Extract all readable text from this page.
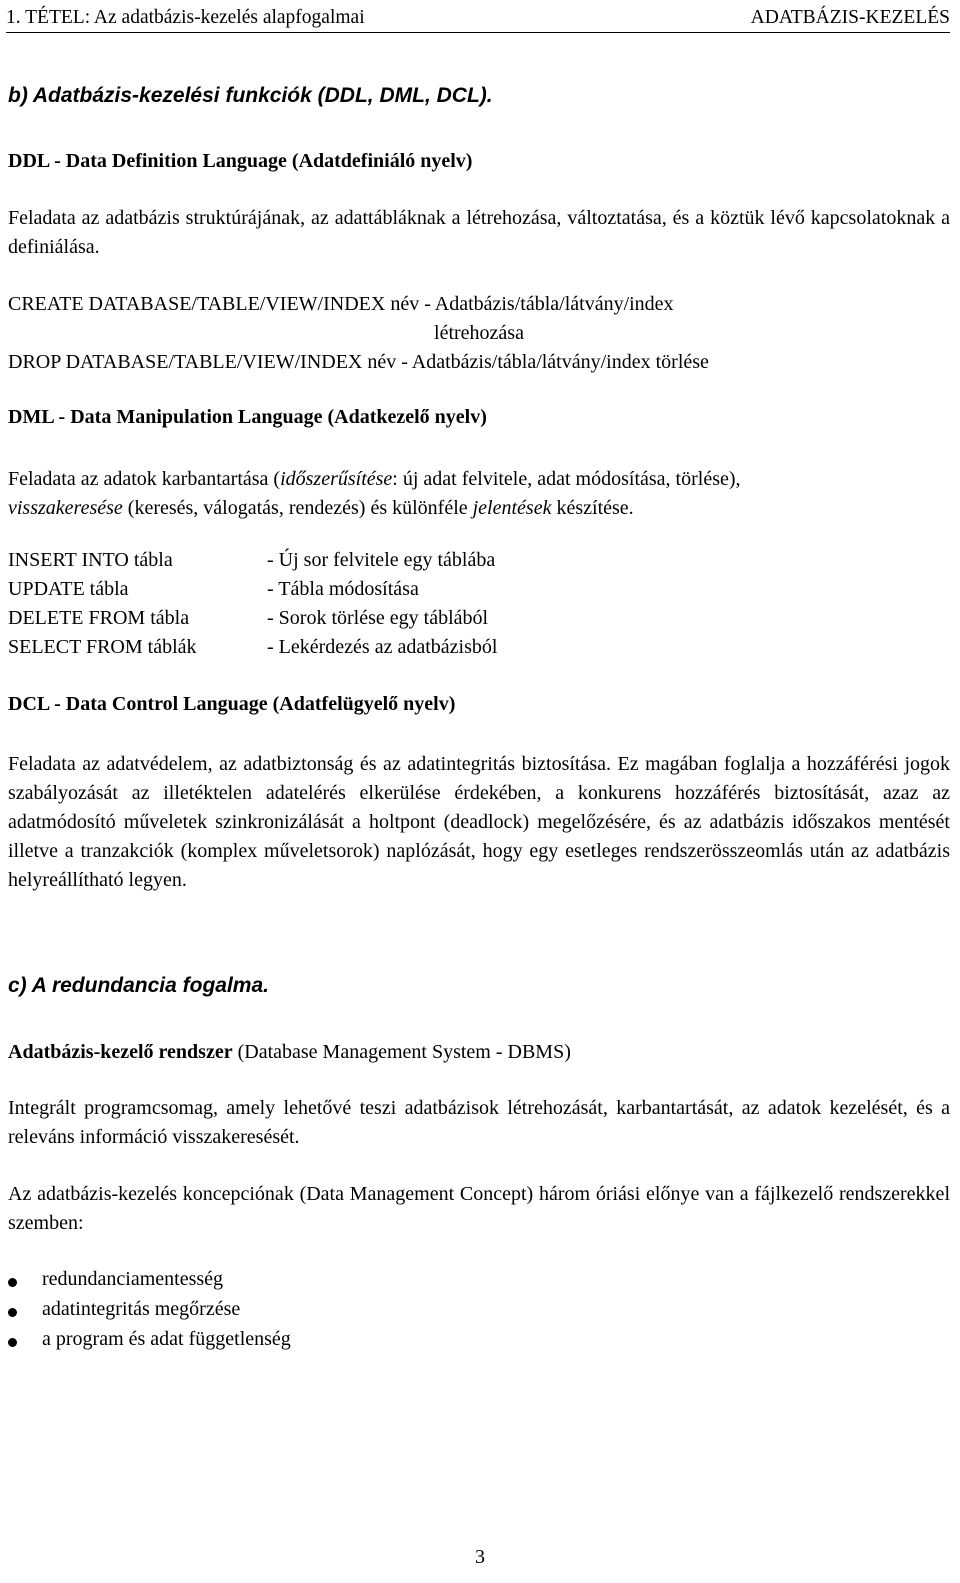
1. TÉTEL: Az adatbázis-kezelés alapfogalmai	ADATBÁZIS-KEZELÉS
b) Adatbázis-kezelési funkciók (DDL, DML, DCL).
DDL - Data Definition Language (Adatdefiniáló nyelv)
Feladata az adatbázis struktúrájának, az adattábláknak a létrehozása, változtatása, és a köztük lévő kapcsolatoknak a definiálása.
CREATE DATABASE/TABLE/VIEW/INDEX név - Adatbázis/tábla/látvány/index
létrehozása
DROP DATABASE/TABLE/VIEW/INDEX név - Adatbázis/tábla/látvány/index törlése
DML - Data Manipulation Language (Adatkezelő nyelv)
Feladata az adatok karbantartása (időszerűsítése: új adat felvitele, adat módosítása, törlése),
visszakeresése (keresés, válogatás, rendezés) és különféle jelentések készítése.
INSERT INTO tábla	- Új sor felvitele egy táblába
UPDATE tábla	- Tábla módosítása
DELETE FROM tábla	- Sorok törlése egy táblából
SELECT FROM táblák	- Lekérdezés az adatbázisból
DCL - Data Control Language (Adatfelügyelő nyelv)
Feladata az adatvédelem, az adatbiztonság és az adatintegritás biztosítása. Ez magában foglalja a hozzáférési jogok szabályozását az illetéktelen adatelérés elkerülése érdekében, a konkurens hozzáférés biztosítását, azaz az adatmódosító műveletek szinkronizálását a holtpont (deadlock) megelőzésére, és az adatbázis időszakos mentését illetve a tranzakciók (komplex műveletsorok) naplózását, hogy egy esetleges rendszerösszeomlás után az adatbázis helyreállítható legyen.
c) A redundancia fogalma.
Adatbázis-kezelő rendszer (Database Management System - DBMS)
Integrált programcsomag, amely lehetővé teszi adatbázisok létrehozását, karbantartását, az adatok kezelését, és a releváns információ visszakeresését.
Az adatbázis-kezelés koncepciónak (Data Management Concept) három óriási előnye van a fájlkezelő rendszerekkel szemben:
redundanciamentesség
adatintegritás megőrzése
a program és adat függetlenség
3
